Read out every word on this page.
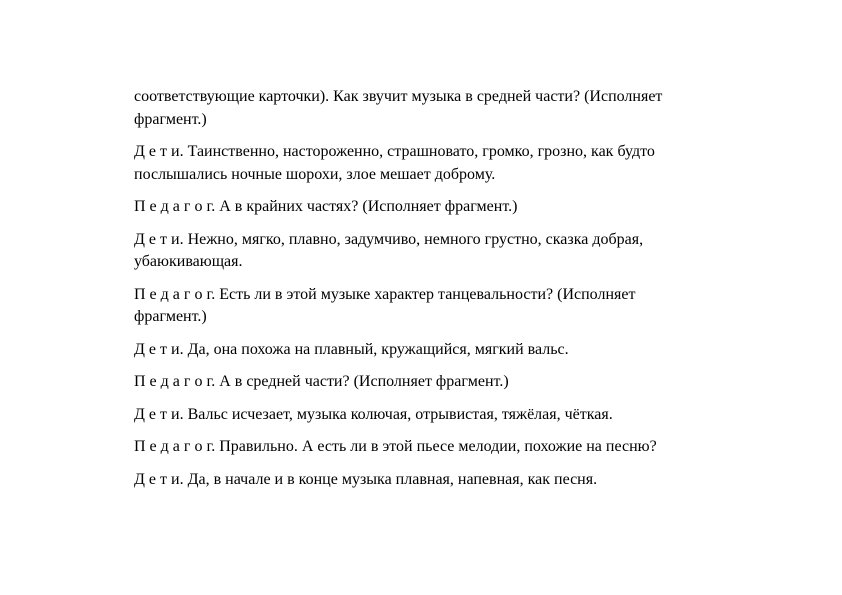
соответствующие карточки). Как звучит музыка в средней части? (Исполняет
фрагмент.)

Д е т и. Таинственно, настороженно, страшновато, громко, грозно, как будто
послышались ночные шорохи, злое мешает доброму.

П е д а г о г. А в крайних частях? (Исполняет фрагмент.)

Д е т и. Нежно, мягко, плавно, задумчиво, немного грустно, сказка добрая,
убаюкивающая.

П е д а г о г. Есть ли в этой музыке характер танцевальности? (Исполняет
фрагмент.)

Д е т и. Да, она похожа на плавный, кружащийся, мягкий вальс.

П е д а г о г. А в средней части? (Исполняет фрагмент.)

Д е т и. Вальс исчезает, музыка колючая, отрывистая, тяжёлая, чёткая.

П е д а г о г. Правильно. А есть ли в этой пьесе мелодии, похожие на песню?

Д е т и. Да, в начале и в конце музыка плавная, напевная, как песня.
